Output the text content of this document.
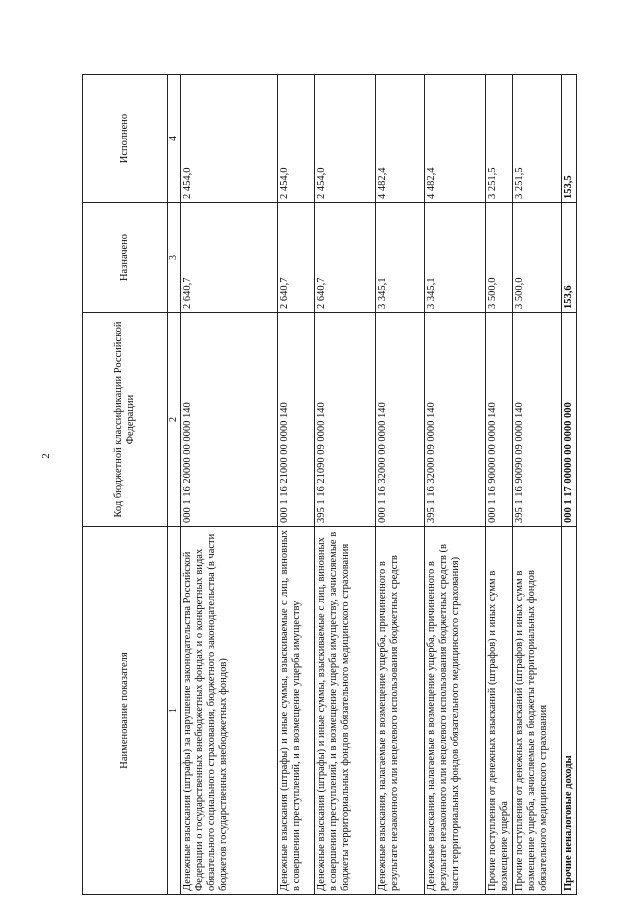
2
Наименование показателя	Код бюджетной классификации Российской Федерации	Назначено	Исполнено
1	2	3	4
Денежные взыскания (штрафы) за нарушение законодательства Российской Федерации о государственных внебюджетных фондах и о конкретных видах обязательного социального страхования, бюджетного законодательства (в части бюджетов государственных внебюджетных фондов)	000 1 16 20000 00 0000 140	2 640,7	2 454,0
Денежные взыскания (штрафы) и иные суммы, взыскиваемые с лиц, виновных в совершении преступлений, и в возмещение ущерба имуществу	000 1 16 21000 00 0000 140	2 640,7	2 454,0
Денежные взыскания (штрафы) и иные суммы, взыскиваемые с лиц, виновных в совершении преступлений, и в возмещение ущерба имуществу, зачисляемые в бюджеты территориальных фондов обязательного медицинского страхования	395 1 16 21090 09 0000 140	2 640,7	2 454,0
Денежные взыскания, налагаемые в возмещение ущерба, причиненного в результате незаконного или нецелевого использования бюджетных средств	000 1 16 32000 00 0000 140	3 345,1	4 482,4
Денежные взыскания, налагаемые в возмещение ущерба, причиненного в результате незаконного или нецелевого использования бюджетных средств (в части территориальных фондов обязательного медицинского страхования)	395 1 16 32000 09 0000 140	3 345,1	4 482,4
Прочие поступления от денежных взысканий (штрафов) и иных сумм в возмещение ущерба	000 1 16 90000 00 0000 140	3 500,0	3 251,5
Прочие поступления от денежных взысканий (штрафов) и иных сумм в возмещение ущерба, зачисляемые в бюджеты территориальных фондов обязательного медицинского страхования	395 1 16 90090 09 0000 140	3 500,0	3 251,5
Прочие неналоговые доходы	000 1 17 00000 00 0000 000	153,6	153,5
